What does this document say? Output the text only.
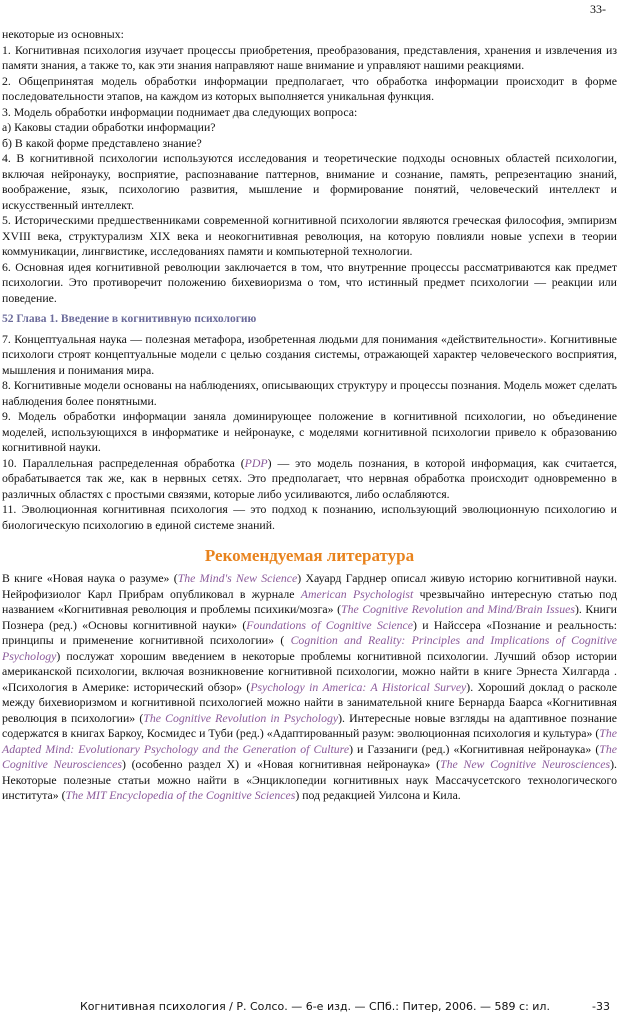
33-

некоторые из основных:

1. Когнитивная психология изучает процессы приобретения, преобразования, представления, хранения и извлечения из памяти знания, а также то, как эти знания направляют наше внимание и управляют нашими реакциями.

2. Общепринятая модель обработки информации предполагает, что обработка информации происходит в форме последовательности этапов, на каждом из которых выполняется уникальная функция.

3. Модель обработки информации поднимает два следующих вопроса:

а) Каковы стадии обработки информации?

б) В какой форме представлено знание?

4. В когнитивной психологии используются исследования и теоретические подходы основных областей психологии, включая нейронауку, восприятие, распознавание паттернов, внимание и сознание, память, репрезентацию знаний, воображение, язык, психологию развития, мышление и формирование понятий, человеческий интеллект и искусственный интеллект.

5. Историческими предшественниками современной когнитивной психологии являются греческая философия, эмпиризм XVIII века, структурализм XIX века и неокогнитивная революция, на которую повлияли новые успехи в теории коммуникации, лингвистике, исследованиях памяти и компьютерной технологии.

6. Основная идея когнитивной революции заключается в том, что внутренние процессы рассматриваются как предмет психологии. Это противоречит положению бихевиоризма о том, что истинный предмет психологии — реакции или поведение.

52 Глава 1. Введение в когнитивную психологию

7. Концептуальная наука — полезная метафора, изобретенная людьми для понимания «действительности». Когнитивные психологи строят концептуальные модели с целью создания системы, отражающей характер человеческого восприятия, мышления и понимания мира.

8. Когнитивные модели основаны на наблюдениях, описывающих структуру и процессы познания. Модель может сделать наблюдения более понятными.

9. Модель обработки информации заняла доминирующее положение в когнитивной психологии, но объединение моделей, использующихся в информатике и нейронауке, с моделями когнитивной психологии привело к образованию когнитивной науки.

10. Параллельная распределенная обработка (PDP) — это модель познания, в которой информация, как считается, обрабатывается так же, как в нервных сетях. Это предполагает, что нервная обработка происходит одновременно в различных областях с простыми связями, которые либо усиливаются, либо ослабляются.

11. Эволюционная когнитивная психология — это подход к познанию, использующий эволюционную психологию и биологическую психологию в единой системе знаний.

Рекомендуемая литература

В книге «Новая наука о разуме» (The Mind's New Science) Хауард Гарднер описал живую историю когнитивной науки. Нейрофизиолог Карл Прибрам опубликовал в журнале American Psychologist чрезвычайно интересную статью под названием «Когнитивная революция и проблемы психики/мозга» (The Cognitive Revolution and Mind/Brain Issues). Книги Познера (ред.) «Основы когнитивной науки» (Foundations of Cognitive Science) и Найссера «Познание и реальность: принципы и применение когнитивной психологии» ( Cognition and Reality: Principles and Implications of Cognitive Psychology) послужат хорошим введением в некоторые проблемы когнитивной психологии. Лучший обзор истории американской психологии, включая возникновение когнитивной психологии, можно найти в книге Эрнеста Хилгарда . «Психология в Америке: исторический обзор» (Psychology in America: A Historical Survey). Хороший доклад о расколе между бихевиоризмом и когнитивной психологией можно найти в занимательной книге Бернарда Баарса «Когнитивная революция в психологии» (The Cognitive Revolution in Psychology). Интересные новые взгляды на адаптивное познание содержатся в книгах Баркоу, Космидес и Туби (ред.) «Адаптированный разум: эволюционная психология и культура» (The Adapted Mind: Evolutionary Psychology and the Generation of Culture) и Газзаниги (ред.) «Когнитивная нейронаука» (The Cognitive Neurosciences) (особенно раздел X) и «Новая когнитивная нейронаука» (The New Cognitive Neurosciences). Некоторые полезные статьи можно найти в «Энциклопедии когнитивных наук Массачусетского технологического института» (The MIT Encyclopedia of the Cognitive Sciences) под редакцией Уилсона и Кила.

Когнитивная психология / Р. Солсо. — 6-е изд. — СПб.: Питер, 2006. — 589 с: ил.	-33
